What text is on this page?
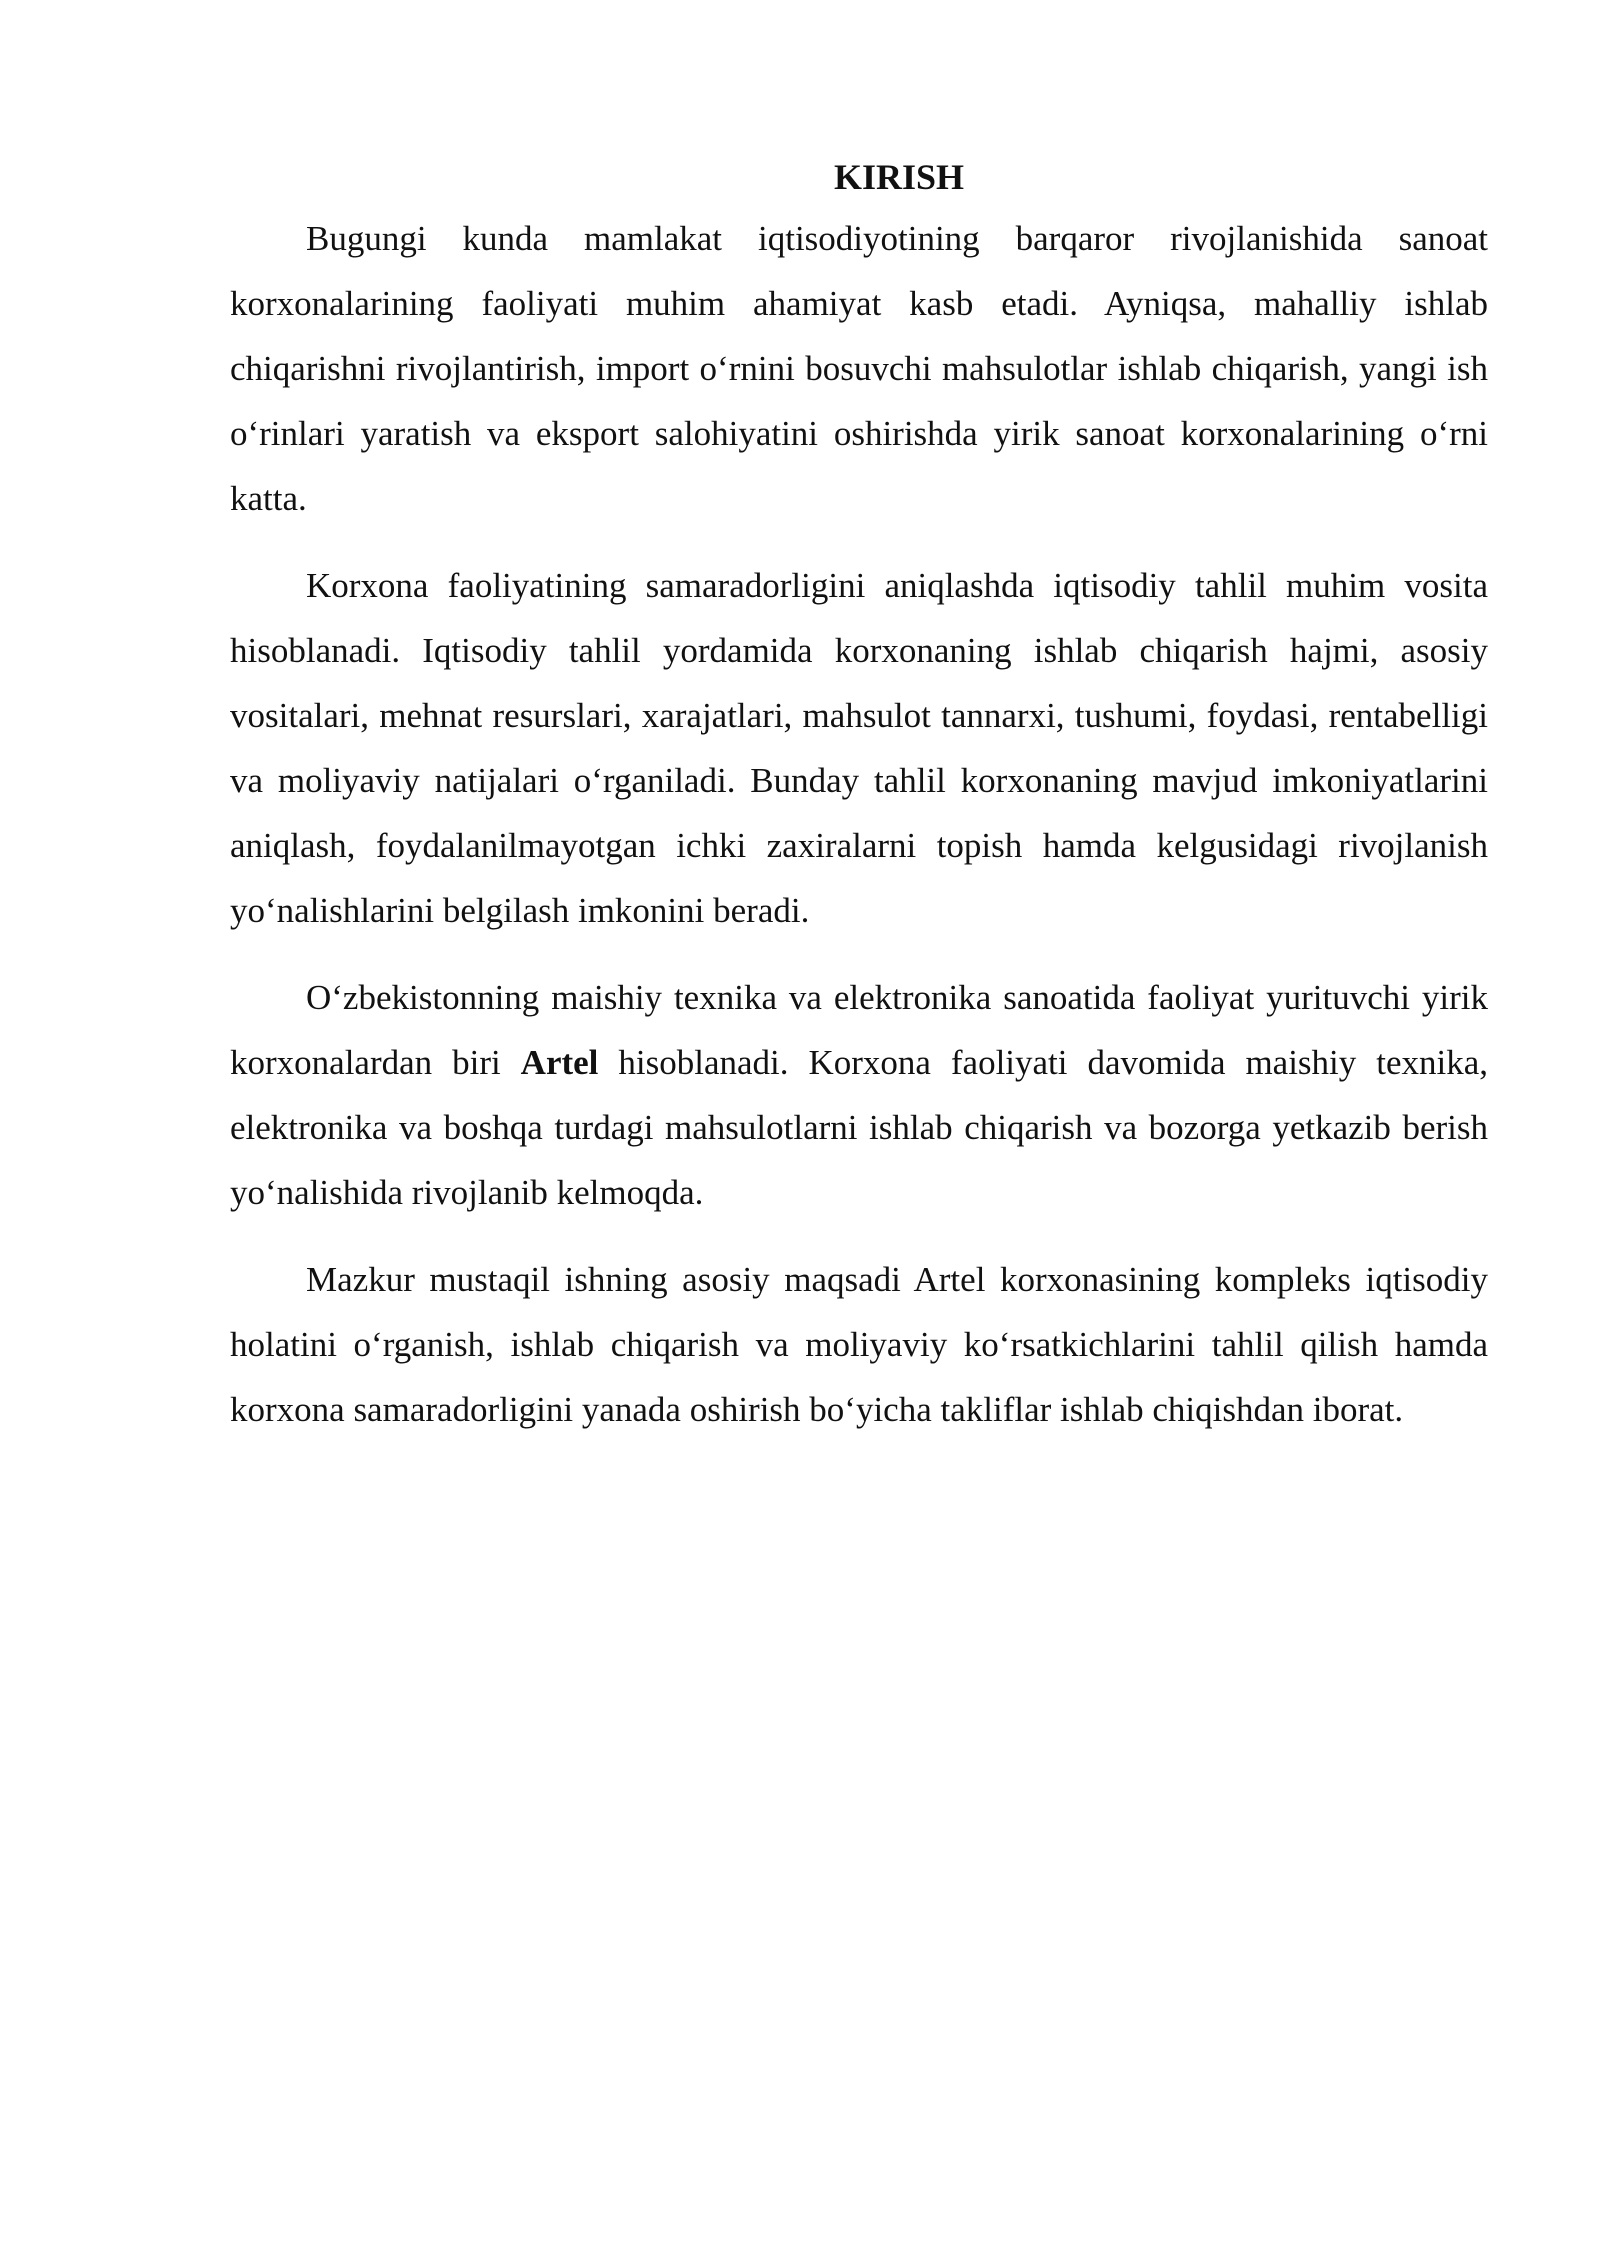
KIRISH

Bugungi kunda mamlakat iqtisodiyotining barqaror rivojlanishida sanoat korxonalarining faoliyati muhim ahamiyat kasb etadi. Ayniqsa, mahalliy ishlab chiqarishni rivojlantirish, import o‘rnini bosuvchi mahsulotlar ishlab chiqarish, yangi ish o‘rinlari yaratish va eksport salohiyatini oshirishda yirik sanoat korxonalarining o‘rni katta.

Korxona faoliyatining samaradorligini aniqlashda iqtisodiy tahlil muhim vosita hisoblanadi. Iqtisodiy tahlil yordamida korxonaning ishlab chiqarish hajmi, asosiy vositalari, mehnat resurslari, xarajatlari, mahsulot tannarxi, tushumi, foydasi, rentabelligi va moliyaviy natijalari o‘rganiladi. Bunday tahlil korxonaning mavjud imkoniyatlarini aniqlash, foydalanilmayotgan ichki zaxiralarni topish hamda kelgusidagi rivojlanish yo‘nalishlarini belgilash imkonini beradi.

O‘zbekistonning maishiy texnika va elektronika sanoatida faoliyat yurituvchi yirik korxonalardan biri Artel hisoblanadi. Korxona faoliyati davomida maishiy texnika, elektronika va boshqa turdagi mahsulotlarni ishlab chiqarish va bozorga yetkazib berish yo‘nalishida rivojlanib kelmoqda.

Mazkur mustaqil ishning asosiy maqsadi Artel korxonasining kompleks iqtisodiy holatini o‘rganish, ishlab chiqarish va moliyaviy ko‘rsatkichlarini tahlil qilish hamda korxona samaradorligini yanada oshirish bo‘yicha takliflar ishlab chiqishdan iborat.
